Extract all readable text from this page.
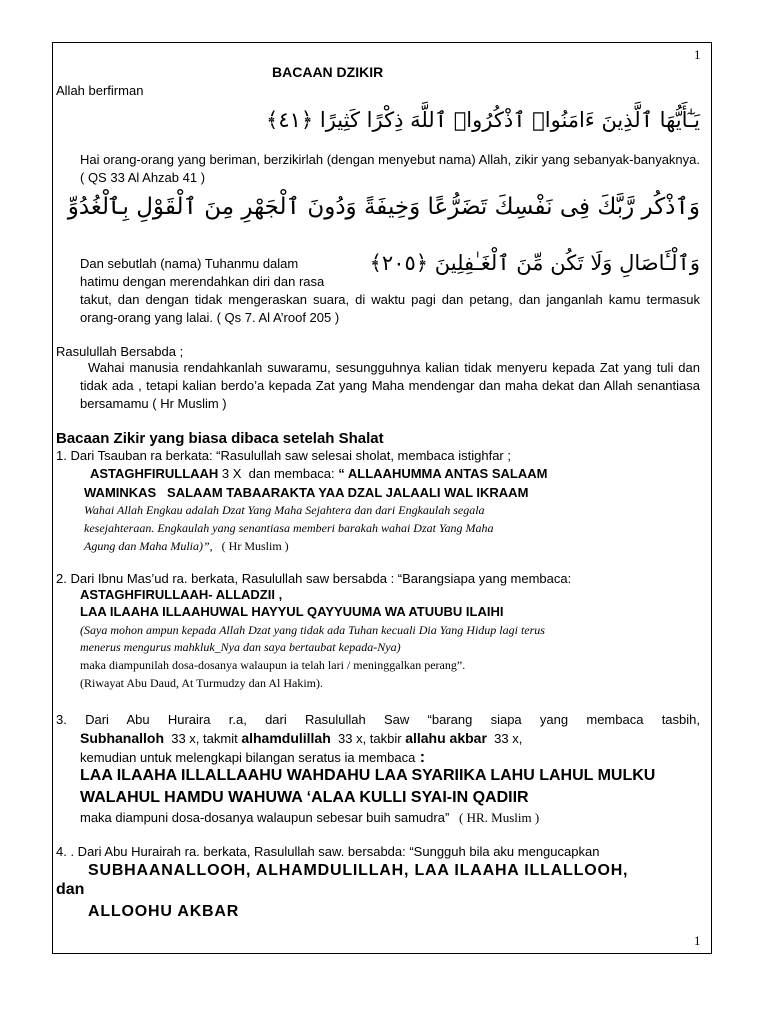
1
1
BACAAN DZIKIR
Allah berfirman
يَـٰٓأَيُّهَا ٱلَّذِينَ ءَامَنُوا۟ ٱذْكُرُوا۟ ٱللَّهَ ذِكْرًا كَثِيرًا ﴿٤١﴾
Hai orang-orang yang beriman, berzikirlah (dengan menyebut nama) Allah, zikir yang sebanyak-banyaknya. ( QS 33 Al Ahzab 41 )
وَٱذْكُر رَّبَّكَ فِى نَفْسِكَ تَضَرُّعًا وَخِيفَةً وَدُونَ ٱلْجَهْرِ مِنَ ٱلْقَوْلِ بِٱلْغُدُوِّ
وَٱلْـَٔاصَالِ وَلَا تَكُن مِّنَ ٱلْغَـٰفِلِينَ ﴿٢٠٥﴾
Dan sebutlah (nama) Tuhanmu dalam
hatimu dengan merendahkan diri dan rasa
takut, dan dengan tidak mengeraskan suara, di waktu pagi dan petang, dan janganlah kamu termasuk orang-orang yang lalai. ( Qs 7. Al A’roof 205 )
Rasulullah Bersabda ;
Wahai manusia rendahkanlah suwaramu, sesungguhnya kalian tidak menyeru kepada Zat yang tuli dan tidak ada , tetapi kalian berdo’a kepada Zat yang Maha mendengar dan maha dekat dan Allah senantiasa bersamamu ( Hr Muslim )
Bacaan Zikir yang biasa dibaca setelah Shalat
1. Dari Tsauban ra berkata: “Rasulullah saw selesai sholat, membaca istighfar ;
ASTAGHFIRULLAAH 3 X  dan membaca: “ ALLAAHUMMA ANTAS SALAAM
WAMINKAS   SALAAM TABAARAKTA YAA DZAL JALAALI WAL IKRAAM
Wahai Allah Engkau adalah Dzat Yang Maha Sejahtera dan dari Engkaulah segala
kesejahteraan. Engkaulah yang senantiasa memberi barakah wahai Dzat Yang Maha
Agung dan Maha Mulia)”,   ( Hr Muslim )
2. Dari Ibnu Mas’ud ra. berkata, Rasulullah saw bersabda : “Barangsiapa yang membaca:
ASTAGHFIRULLAAH- ALLADZII ,
LAA ILAAHA ILLAAHUWAL HAYYUL QAYYUUMA WA ATUUBU ILAIHI
(Saya mohon ampun kepada Allah Dzat yang tidak ada Tuhan kecuali Dia Yang Hidup lagi terus
menerus mengurus mahkluk_Nya dan saya bertaubat kepada-Nya)
maka diampunilah dosa-dosanya walaupun ia telah lari / meninggalkan perang”.
(Riwayat Abu Daud, At Turmudzy dan Al Hakim).
3. Dari Abu Huraira r.a, dari Rasulullah Saw “barang siapa yang membaca tasbih,
Subhanalloh  33 x, takmit alhamdulillah  33 x, takbir allahu akbar  33 x,
kemudian untuk melengkapi bilangan seratus ia membaca :
LAA ILAAHA ILLALLAAHU WAHDAHU LAA SYARIIKA LAHU LAHUL MULKU
WALAHUL HAMDU WAHUWA ‘ALAA KULLI SYAI-IN QADIIR
maka diampuni dosa-dosanya walaupun sebesar buih samudra”   ( HR. Muslim )
4. . Dari Abu Hurairah ra. berkata, Rasulullah saw. bersabda: “Sungguh bila aku mengucapkan
SUBHAANALLOOH, ALHAMDULILLAH, LAA ILAAHA ILLALLOOH,
dan
ALLOOHU AKBAR
